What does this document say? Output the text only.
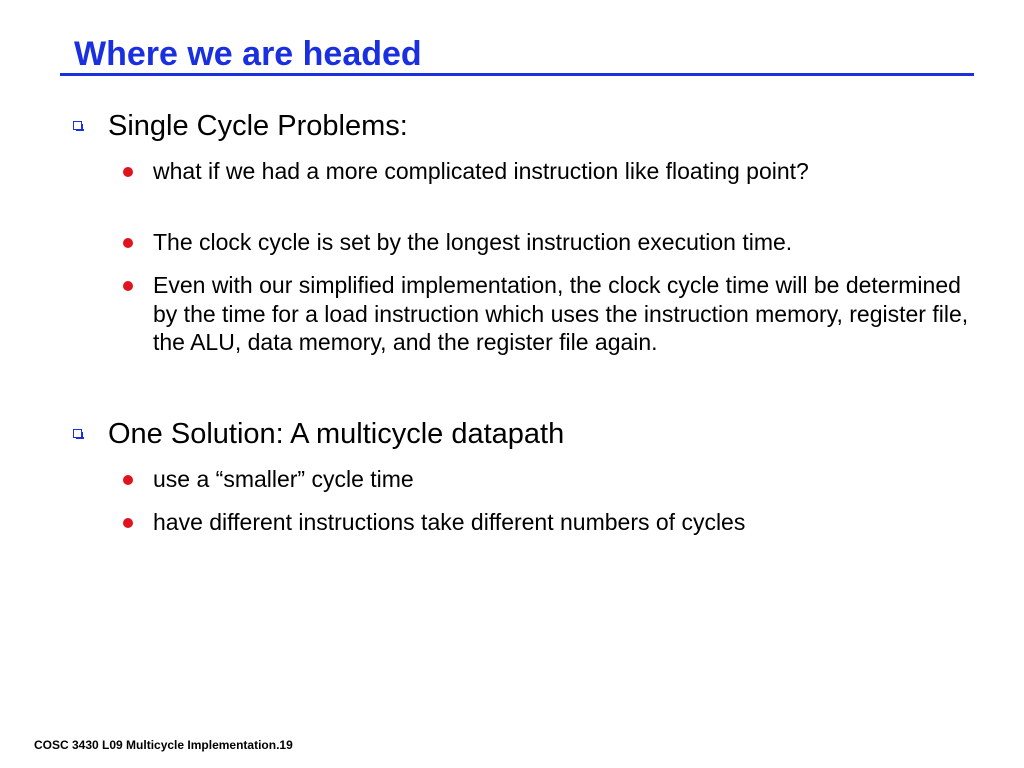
Where we are headed
Single Cycle Problems:
what if we had a more complicated instruction like floating point?
The clock cycle is set by the longest instruction execution time.
Even with our simplified implementation, the clock cycle time will be determined by the time for a load instruction which uses the instruction memory, register file, the ALU, data memory, and the register file again.
One Solution: A multicycle datapath
use a “smaller” cycle time
have different instructions take different numbers of cycles
COSC 3430 L09 Multicycle Implementation.19
